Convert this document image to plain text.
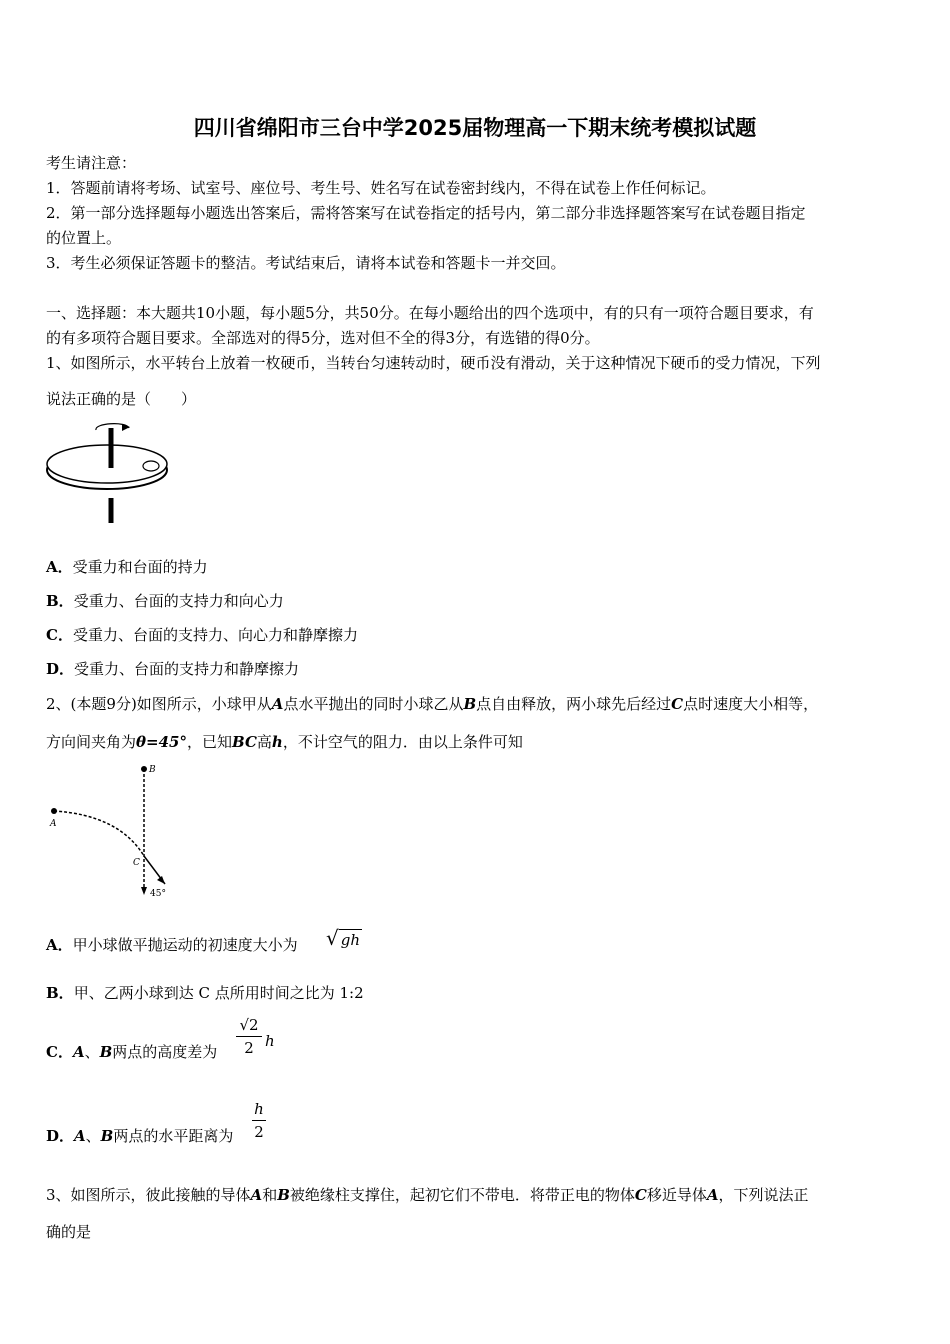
四川省绵阳市三台中学2025届物理高一下期末统考模拟试题
考生请注意：
1．答题前请将考场、试室号、座位号、考生号、姓名写在试卷密封线内，不得在试卷上作任何标记。
2．第一部分选择题每小题选出答案后，需将答案写在试卷指定的括号内，第二部分非选择题答案写在试卷题目指定
的位置上。
3．考生必须保证答题卡的整洁。考试结束后，请将本试卷和答题卡一并交回。
一、选择题：本大题共10小题，每小题5分，共50分。在每小题给出的四个选项中，有的只有一项符合题目要求，有
的有多项符合题目要求。全部选对的得5分，选对但不全的得3分，有选错的得0分。
1、如图所示，水平转台上放着一枚硬币，当转台匀速转动时，硬币没有滑动，关于这种情况下硬币的受力情况，下列
说法正确的是（　　）
A．受重力和台面的持力
B．受重力、台面的支持力和向心力
C．受重力、台面的支持力、向心力和静摩擦力
D．受重力、台面的支持力和静摩擦力
2、(本题9分)如图所示，小球甲从A点水平抛出的同时小球乙从B点自由释放，两小球先后经过C点时速度大小相等，
方向间夹角为θ=45°，已知BC高h，不计空气的阻力．由以上条件可知
B
A
C
45°
A．甲小球做平抛运动的初速度大小为 √ gh
B．甲、乙两小球到达 C 点所用时间之比为 1:2
C．A、B两点的高度差为 $\frac{√2}{2}$ h
D．A、B两点的水平距离为 $\frac{h}{2}$
3、如图所示，彼此接触的导体A和B被绝缘柱支撑住，起初它们不带电．将带正电的物体C移近导体A，下列说法正
确的是
